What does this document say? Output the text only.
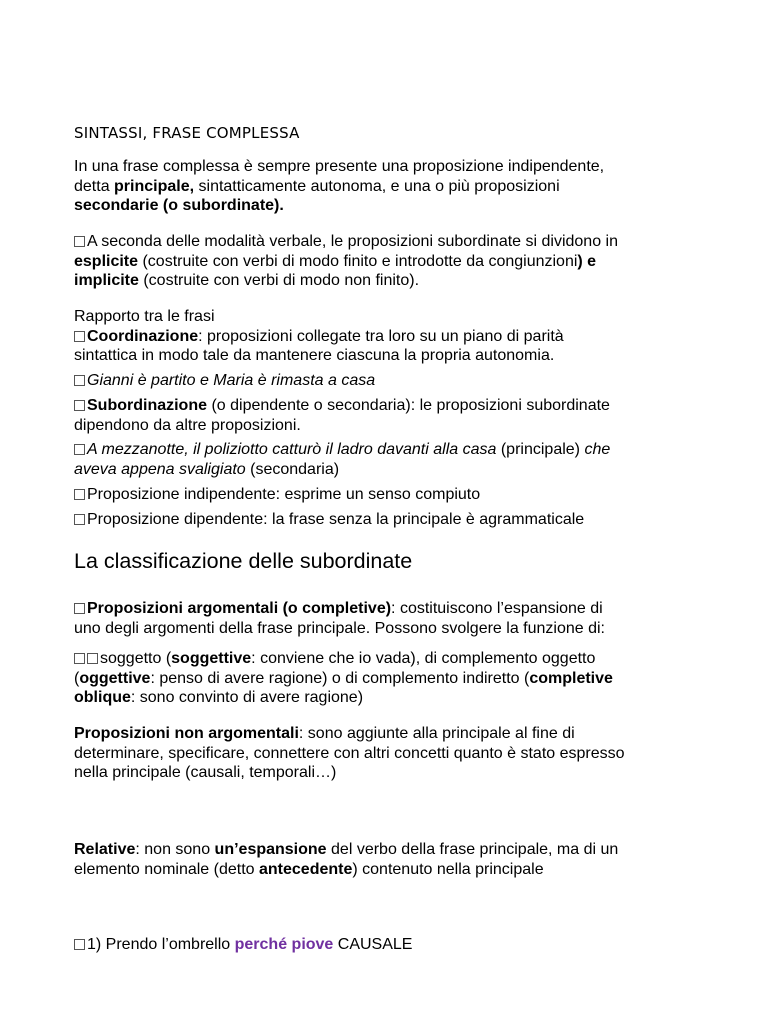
SINTASSI, FRASE COMPLESSA
In una frase complessa è sempre presente una proposizione indipendente,
detta principale, sintatticamente autonoma, e una o più proposizioni
secondarie (o subordinate).
A seconda delle modalità verbale, le proposizioni subordinate si dividono in
esplicite (costruite con verbi di modo finito e introdotte da congiunzioni) e
implicite (costruite con verbi di modo non finito).
Rapporto tra le frasi
Coordinazione: proposizioni collegate tra loro su un piano di parità
sintattica in modo tale da mantenere ciascuna la propria autonomia.
Gianni è partito e Maria è rimasta a casa
Subordinazione (o dipendente o secondaria): le proposizioni subordinate
dipendono da altre proposizioni.
A mezzanotte, il poliziotto catturò il ladro davanti alla casa (principale) che
aveva appena svaligiato (secondaria)
Proposizione indipendente: esprime un senso compiuto
Proposizione dipendente: la frase senza la principale è agrammaticale
La classificazione delle subordinate
Proposizioni argomentali (o completive): costituiscono l’espansione di
uno degli argomenti della frase principale. Possono svolgere la funzione di:
soggetto (soggettive: conviene che io vada), di complemento oggetto
(oggettive: penso di avere ragione) o di complemento indiretto (completive
oblique: sono convinto di avere ragione)
Proposizioni non argomentali: sono aggiunte alla principale al fine di
determinare, specificare, connettere con altri concetti quanto è stato espresso
nella principale (causali, temporali…)
Relative: non sono un’espansione del verbo della frase principale, ma di un
elemento nominale (detto antecedente) contenuto nella principale
1) Prendo l’ombrello perché piove CAUSALE
